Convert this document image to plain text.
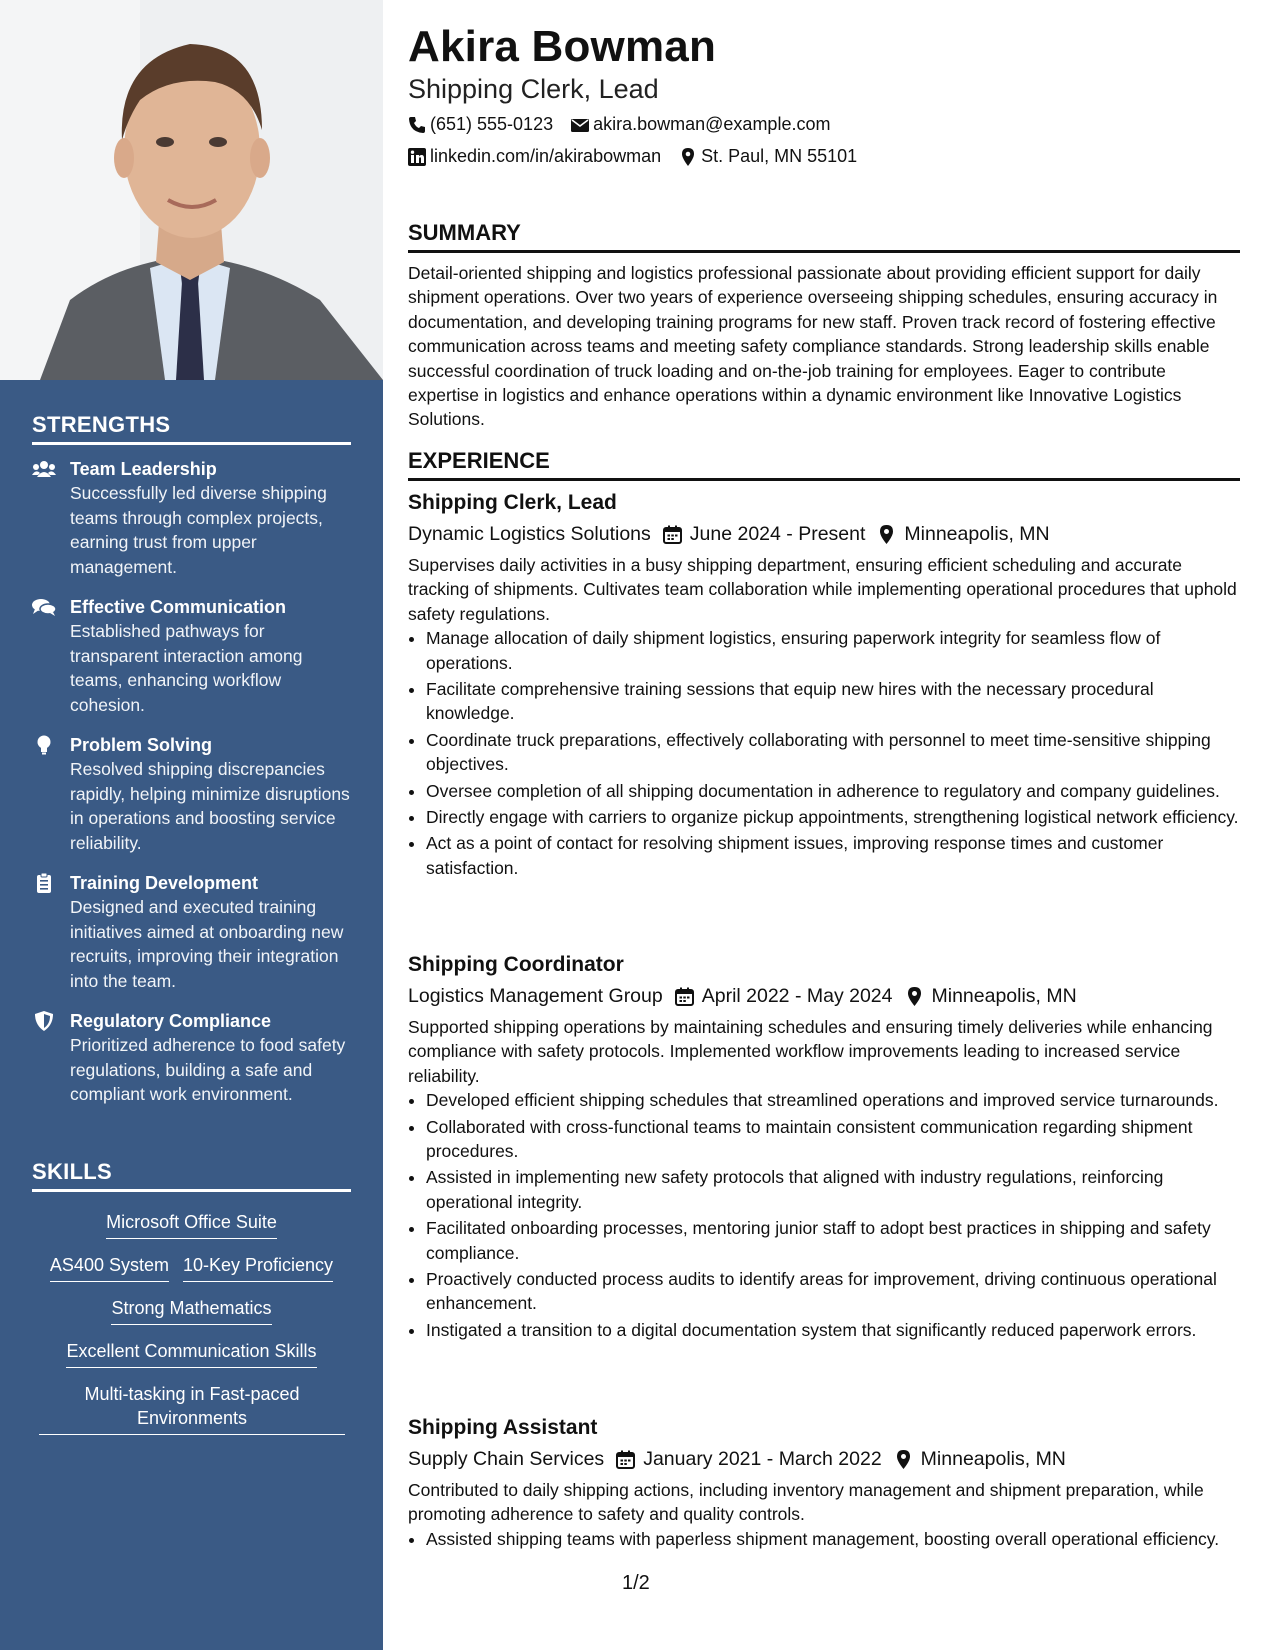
STRENGTHS
Team Leadership
Successfully led diverse shipping teams through complex projects, earning trust from upper management.
Effective Communication
Established pathways for transparent interaction among teams, enhancing workflow cohesion.
Problem Solving
Resolved shipping discrepancies rapidly, helping minimize disruptions in operations and boosting service reliability.
Training Development
Designed and executed training initiatives aimed at onboarding new recruits, improving their integration into the team.
Regulatory Compliance
Prioritized adherence to food safety regulations, building a safe and compliant work environment.
SKILLS
Microsoft Office Suite
AS400 System 10-Key Proficiency
Strong Mathematics
Excellent Communication Skills
Multi-tasking in Fast-paced Environments
Akira Bowman
Shipping Clerk, Lead
(651) 555-0123 akira.bowman@example.com
linkedin.com/in/akirabowman St. Paul, MN 55101
SUMMARY
Detail-oriented shipping and logistics professional passionate about providing efficient support for daily shipment operations. Over two years of experience overseeing shipping schedules, ensuring accuracy in documentation, and developing training programs for new staff. Proven track record of fostering effective communication across teams and meeting safety compliance standards. Strong leadership skills enable successful coordination of truck loading and on-the-job training for employees. Eager to contribute expertise in logistics and enhance operations within a dynamic environment like Innovative Logistics Solutions.
EXPERIENCE
Shipping Clerk, Lead
Dynamic Logistics Solutions June 2024 - Present Minneapolis, MN
Supervises daily activities in a busy shipping department, ensuring efficient scheduling and accurate tracking of shipments. Cultivates team collaboration while implementing operational procedures that uphold safety regulations.
• Manage allocation of daily shipment logistics, ensuring paperwork integrity for seamless flow of operations.
• Facilitate comprehensive training sessions that equip new hires with the necessary procedural knowledge.
• Coordinate truck preparations, effectively collaborating with personnel to meet time-sensitive shipping objectives.
• Oversee completion of all shipping documentation in adherence to regulatory and company guidelines.
• Directly engage with carriers to organize pickup appointments, strengthening logistical network efficiency.
• Act as a point of contact for resolving shipment issues, improving response times and customer satisfaction.
Shipping Coordinator
Logistics Management Group April 2022 - May 2024 Minneapolis, MN
Supported shipping operations by maintaining schedules and ensuring timely deliveries while enhancing compliance with safety protocols. Implemented workflow improvements leading to increased service reliability.
• Developed efficient shipping schedules that streamlined operations and improved service turnarounds.
• Collaborated with cross-functional teams to maintain consistent communication regarding shipment procedures.
• Assisted in implementing new safety protocols that aligned with industry regulations, reinforcing operational integrity.
• Facilitated onboarding processes, mentoring junior staff to adopt best practices in shipping and safety compliance.
• Proactively conducted process audits to identify areas for improvement, driving continuous operational enhancement.
• Instigated a transition to a digital documentation system that significantly reduced paperwork errors.
Shipping Assistant
Supply Chain Services January 2021 - March 2022 Minneapolis, MN
Contributed to daily shipping actions, including inventory management and shipment preparation, while promoting adherence to safety and quality controls.
• Assisted shipping teams with paperless shipment management, boosting overall operational efficiency.
1/2
